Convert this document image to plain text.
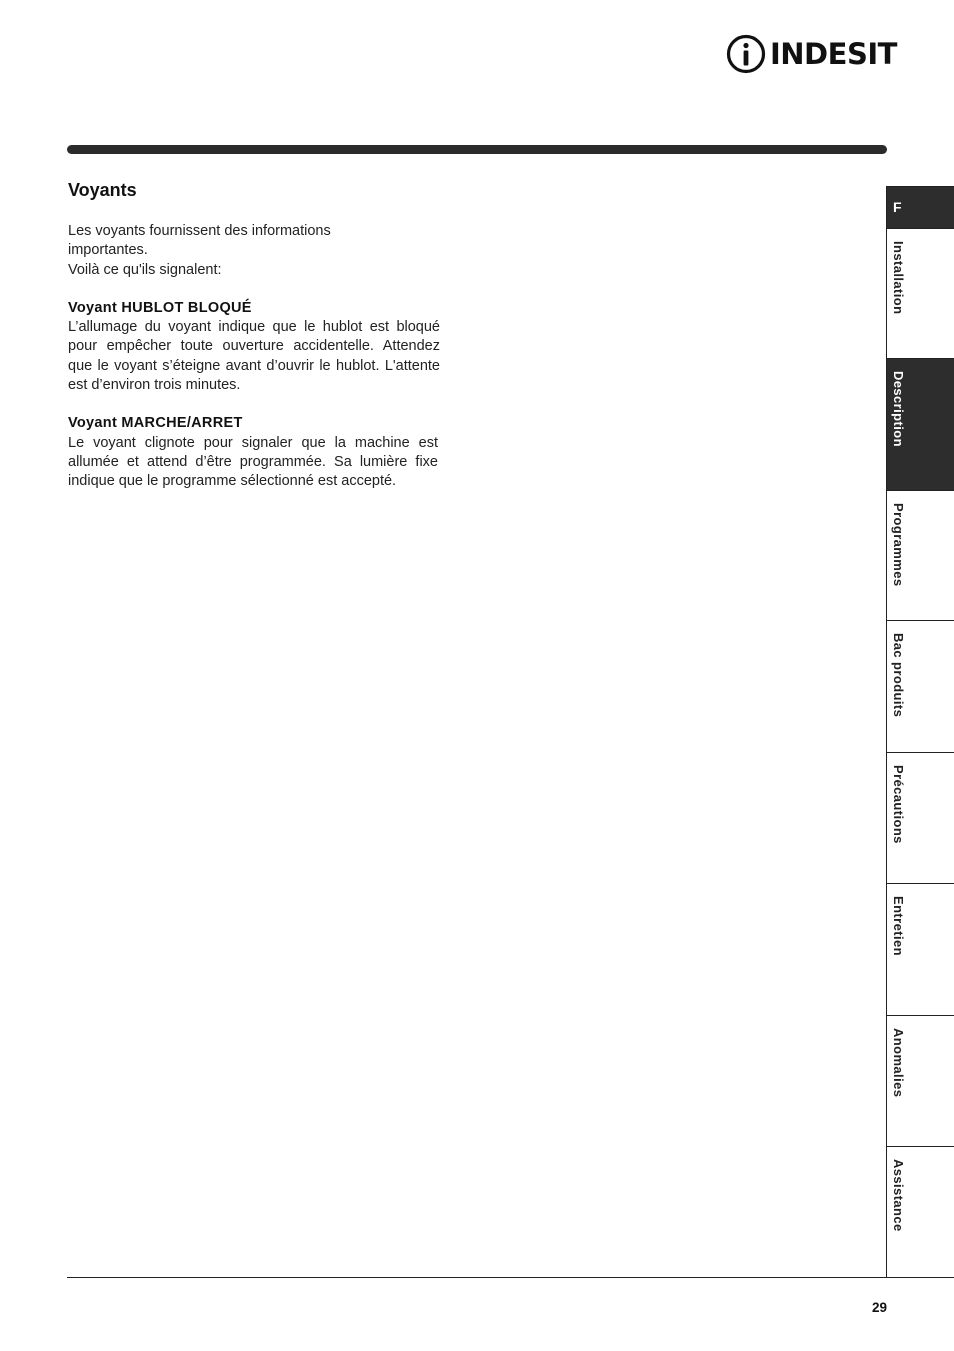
INDESIT
Voyants

Les voyants fournissent des informations importantes.

Voilà ce qu'ils signalent:

Voyant HUBLOT BLOQUÉ

L’allumage du voyant indique que le hublot est bloqué pour empêcher toute ouverture accidentelle. Attendez que le voyant s’éteigne avant d’ouvrir le hublot. L'attente est d’environ trois minutes.

Voyant MARCHE/ARRET

Le voyant clignote pour signaler que la machine est allumée et attend d’être programmée. Sa lumière fixe indique que le programme sélectionné est accepté.

F
Installation
Description
Programmes
Bac produits
Précautions
Entretien
Anomalies
Assistance
29
